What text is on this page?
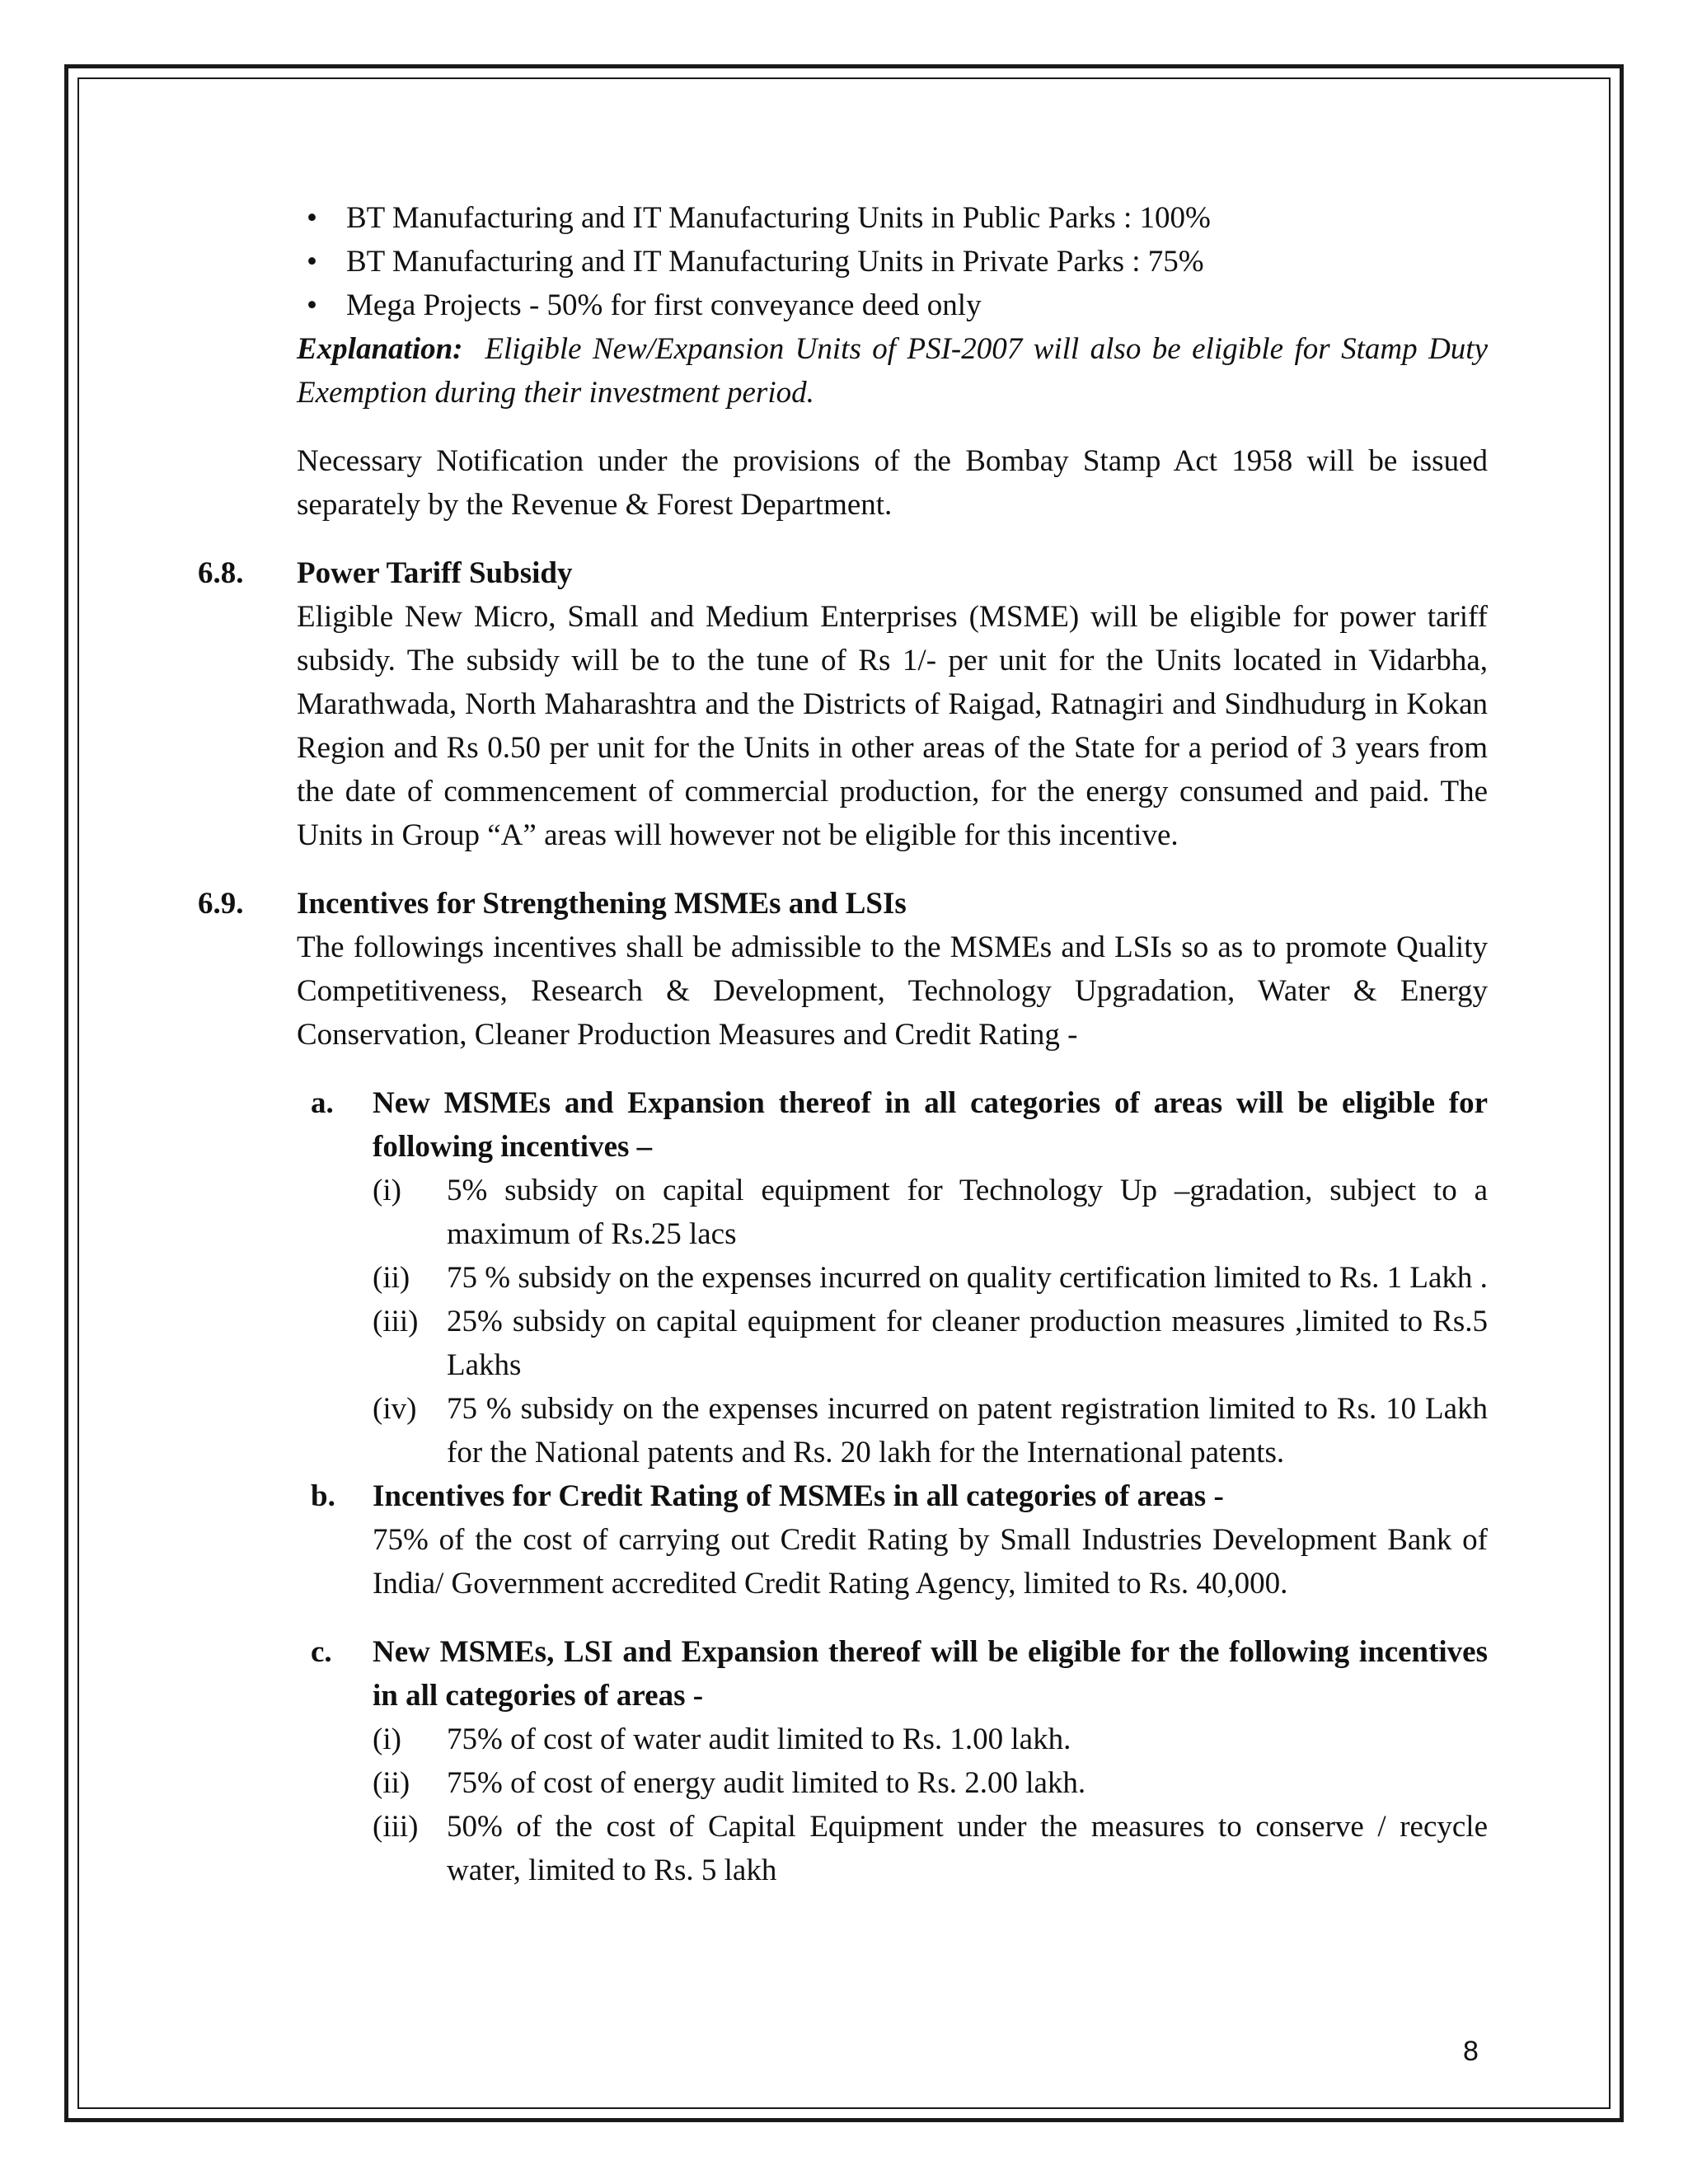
• BT Manufacturing and IT Manufacturing Units in Public Parks : 100%
• BT Manufacturing and IT Manufacturing Units in Private Parks : 75%
• Mega Projects - 50% for first conveyance deed only

Explanation: Eligible New/Expansion Units of PSI-2007 will also be eligible for Stamp Duty Exemption during their investment period.

Necessary Notification under the provisions of the Bombay Stamp Act 1958 will be issued separately by the Revenue & Forest Department.

6.8. Power Tariff Subsidy

Eligible New Micro, Small and Medium Enterprises (MSME) will be eligible for power tariff subsidy. The subsidy will be to the tune of Rs 1/- per unit for the Units located in Vidarbha, Marathwada, North Maharashtra and the Districts of Raigad, Ratnagiri and Sindhudurg in Kokan Region and Rs 0.50 per unit for the Units in other areas of the State for a period of 3 years from the date of commencement of commercial production, for the energy consumed and paid. The Units in Group “A” areas will however not be eligible for this incentive.

6.9. Incentives for Strengthening MSMEs and LSIs

The followings incentives shall be admissible to the MSMEs and LSIs so as to promote Quality Competitiveness, Research & Development, Technology Upgradation, Water & Energy Conservation, Cleaner Production Measures and Credit Rating -

a. New MSMEs and Expansion thereof in all categories of areas will be eligible for following incentives –

(i) 5% subsidy on capital equipment for Technology Up –gradation, subject to a maximum of Rs.25 lacs
(ii) 75 % subsidy on the expenses incurred on quality certification limited to Rs. 1 Lakh .
(iii) 25% subsidy on capital equipment for cleaner production measures ,limited to Rs.5 Lakhs
(iv) 75 % subsidy on the expenses incurred on patent registration limited to Rs. 10 Lakh for the National patents and Rs. 20 lakh for the International patents.
b. Incentives for Credit Rating of MSMEs in all categories of areas -

75% of the cost of carrying out Credit Rating by Small Industries Development Bank of India/ Government accredited Credit Rating Agency, limited to Rs. 40,000.

c. New MSMEs, LSI and Expansion thereof will be eligible for the following incentives in all categories of areas -

(i) 75% of cost of water audit limited to Rs. 1.00 lakh.
(ii) 75% of cost of energy audit limited to Rs. 2.00 lakh.
(iii) 50% of the cost of Capital Equipment under the measures to conserve / recycle water, limited to Rs. 5 lakh
8
